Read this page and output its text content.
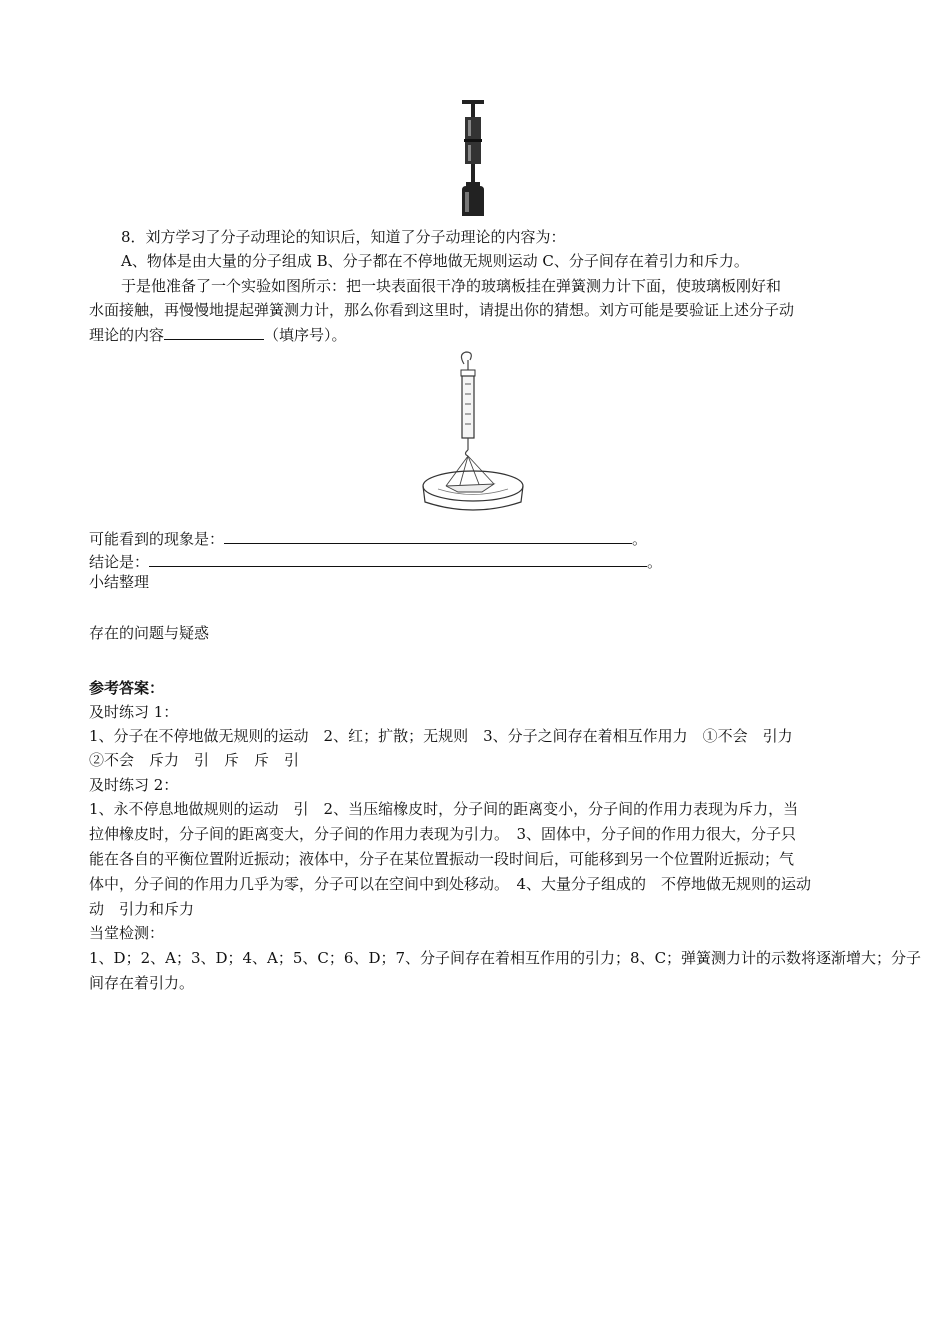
8．刘方学习了分子动理论的知识后，知道了分子动理论的内容为：
A、物体是由大量的分子组成 B、分子都在不停地做无规则运动 C、分子间存在着引力和斥力。
于是他准备了一个实验如图所示：把一块表面很干净的玻璃板挂在弹簧测力计下面，使玻璃板刚好和
水面接触，再慢慢地提起弹簧测力计，那么你看到这里时，请提出你的猜想。刘方可能是要验证上述分子动
理论的内容	（填序号）。
可能看到的现象是：	。
结论是：	。
小结整理
存在的问题与疑惑
参考答案：
及时练习 1：
1、分子在不停地做无规则的运动　2、红；扩散；无规则　3、分子之间存在着相互作用力　①不会　引力
②不会　斥力　引　斥　斥　引
及时练习 2：
1、永不停息地做规则的运动　引　2、当压缩橡皮时，分子间的距离变小，分子间的作用力表现为斥力，当
拉伸橡皮时，分子间的距离变大，分子间的作用力表现为引力。　3、固体中，分子间的作用力很大，分子只
能在各自的平衡位置附近振动；液体中，分子在某位置振动一段时间后，可能移到另一个位置附近振动；气
体中，分子间的作用力几乎为零，分子可以在空间中到处移动。　4、大量分子组成的　不停地做无规则的运动
动　引力和斥力
当堂检测：
1、D；2、A；3、D；4、A；5、C；6、D；7、分子间存在着相互作用的引力；8、C；弹簧测力计的示数将逐渐增大；分子
间存在着引力。
